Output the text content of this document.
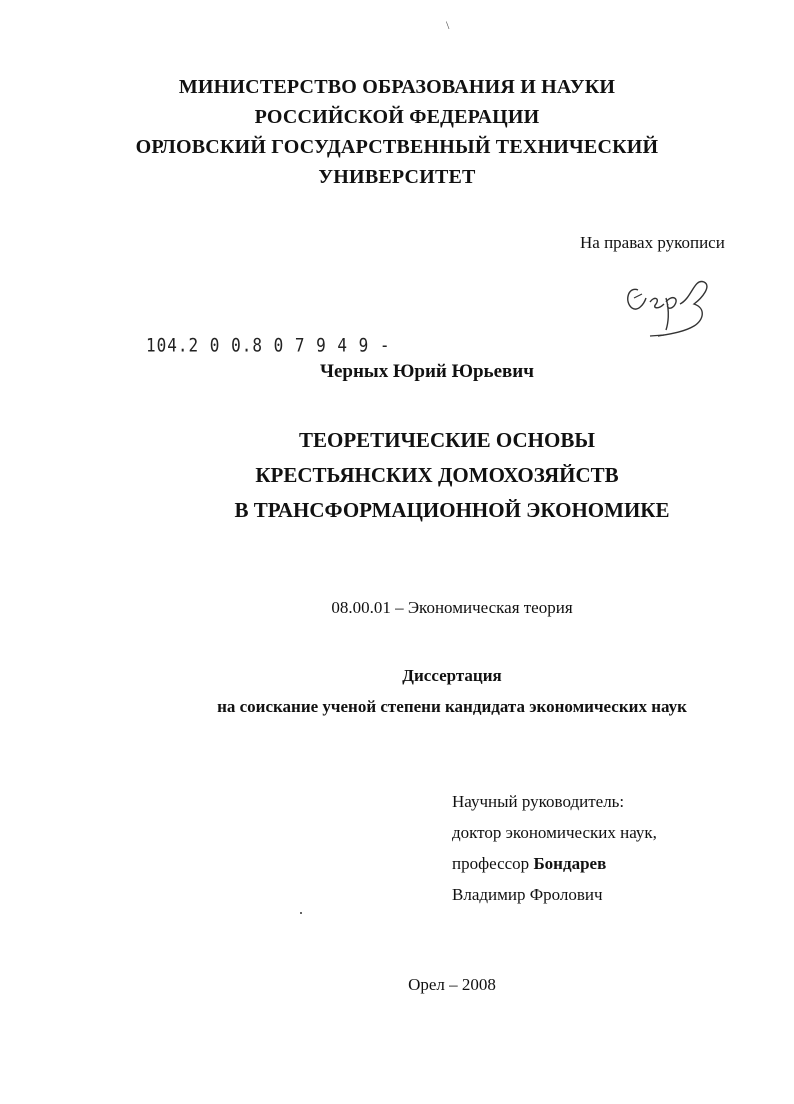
\
МИНИСТЕРСТВО ОБРАЗОВАНИЯ И НАУКИ
РОССИЙСКОЙ ФЕДЕРАЦИИ
ОРЛОВСКИЙ ГОСУДАРСТВЕННЫЙ ТЕХНИЧЕСКИЙ
УНИВЕРСИТЕТ
На правах рукописи
104.2 0 0.8 0 7 9 4 9 -
Черных Юрий Юрьевич
ТЕОРЕТИЧЕСКИЕ ОСНОВЫ
КРЕСТЬЯНСКИХ ДОМОХОЗЯЙСТВ
В ТРАНСФОРМАЦИОННОЙ ЭКОНОМИКЕ
08.00.01 – Экономическая теория
Диссертация
на соискание ученой степени кандидата экономических наук
Научный руководитель:
доктор экономических наук,
профессор Бондарев
Владимир Фролович
Орел – 2008
